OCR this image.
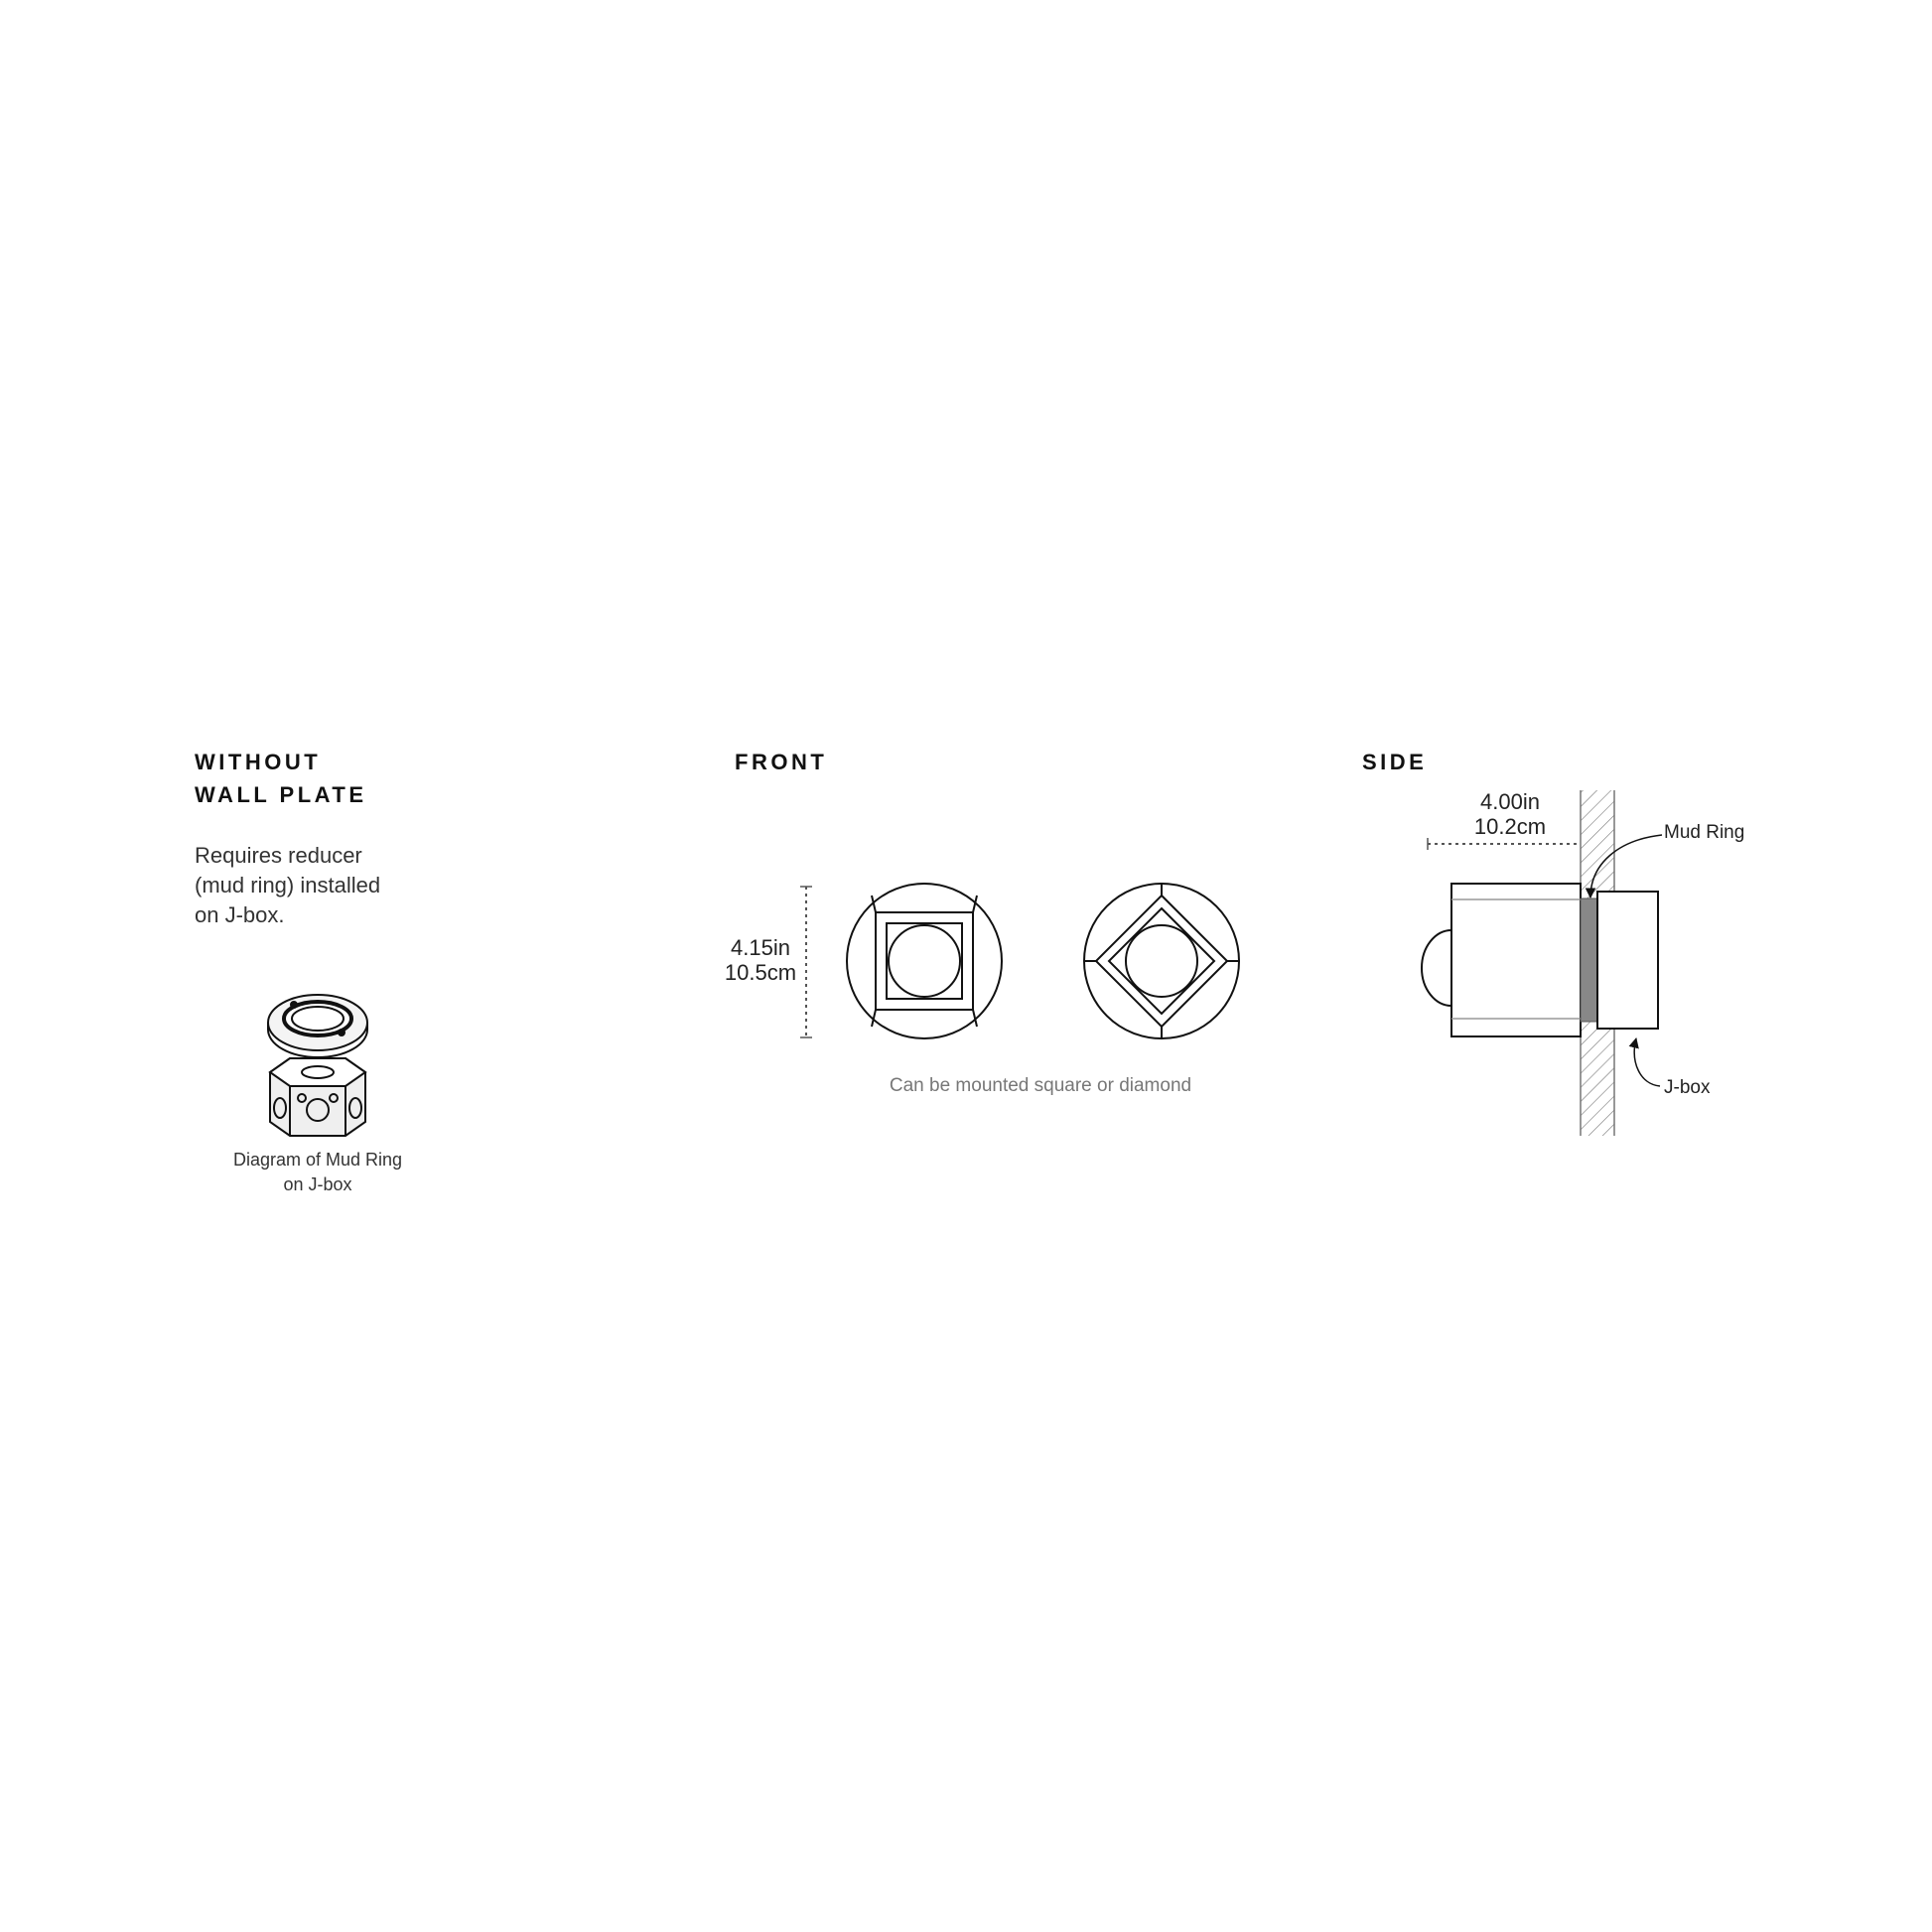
WITHOUT
WALL PLATE
Requires reducer
(mud ring) installed
on J-box.
Diagram of Mud Ring
on J-box
FRONT
4.15in
10.5cm
Can be mounted square or diamond
SIDE
4.00in
10.2cm	Mud Ring
J-box
